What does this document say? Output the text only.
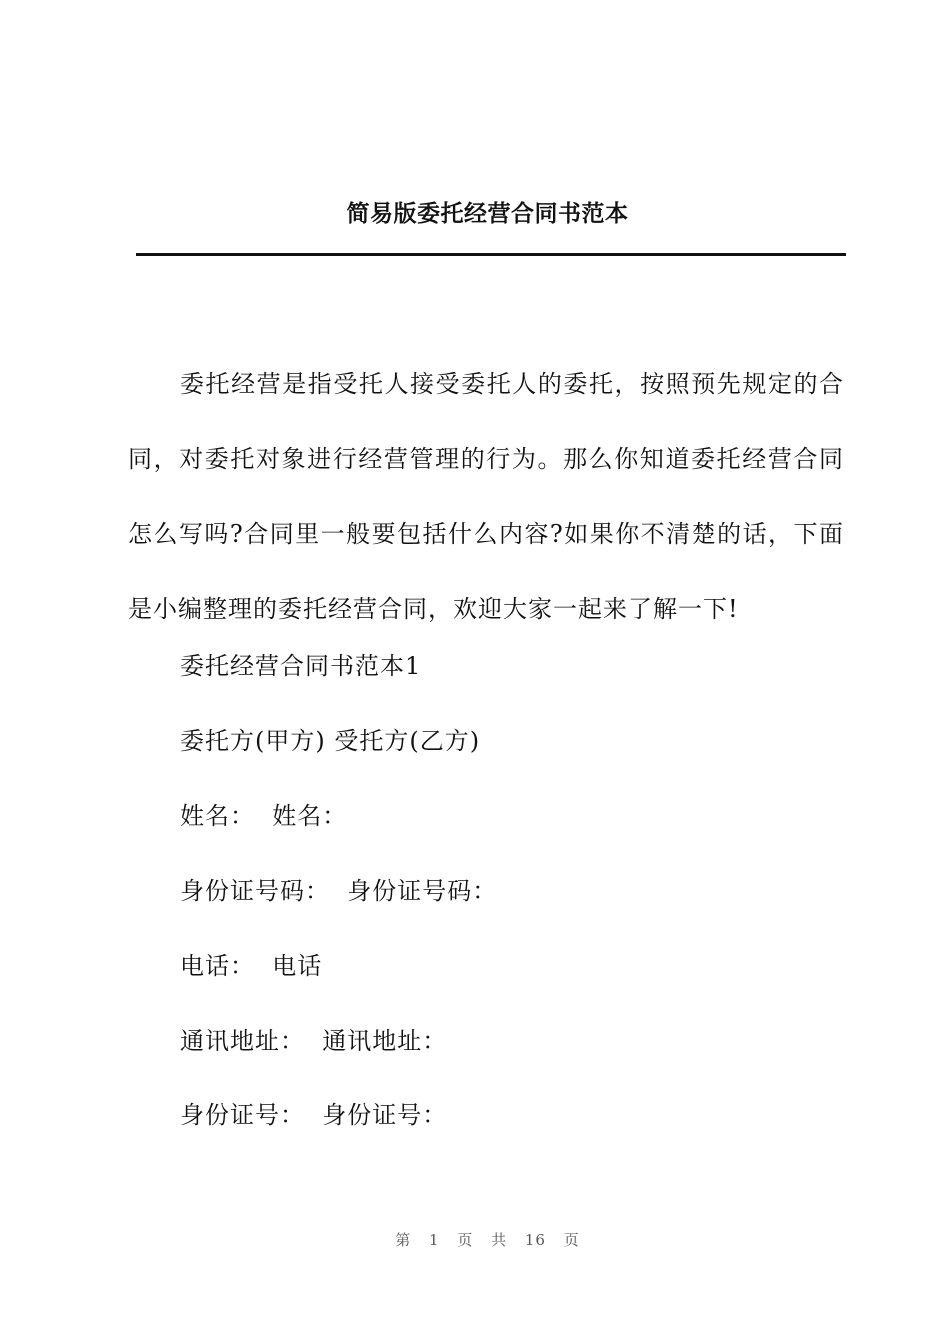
简易版委托经营合同书范本

委托经营是指受托人接受委托人的委托，按照预先规定的合同，对委托对象进行经营管理的行为。那么你知道委托经营合同怎么写吗?合同里一般要包括什么内容?如果你不清楚的话，下面是小编整理的委托经营合同，欢迎大家一起来了解一下!

委托经营合同书范本1

委托方(甲方) 受托方(乙方)

姓名：  姓名：

身份证号码：  身份证号码：

电话：  电话

通讯地址：  通讯地址：

身份证号：  身份证号：

第 1 页 共 16 页
